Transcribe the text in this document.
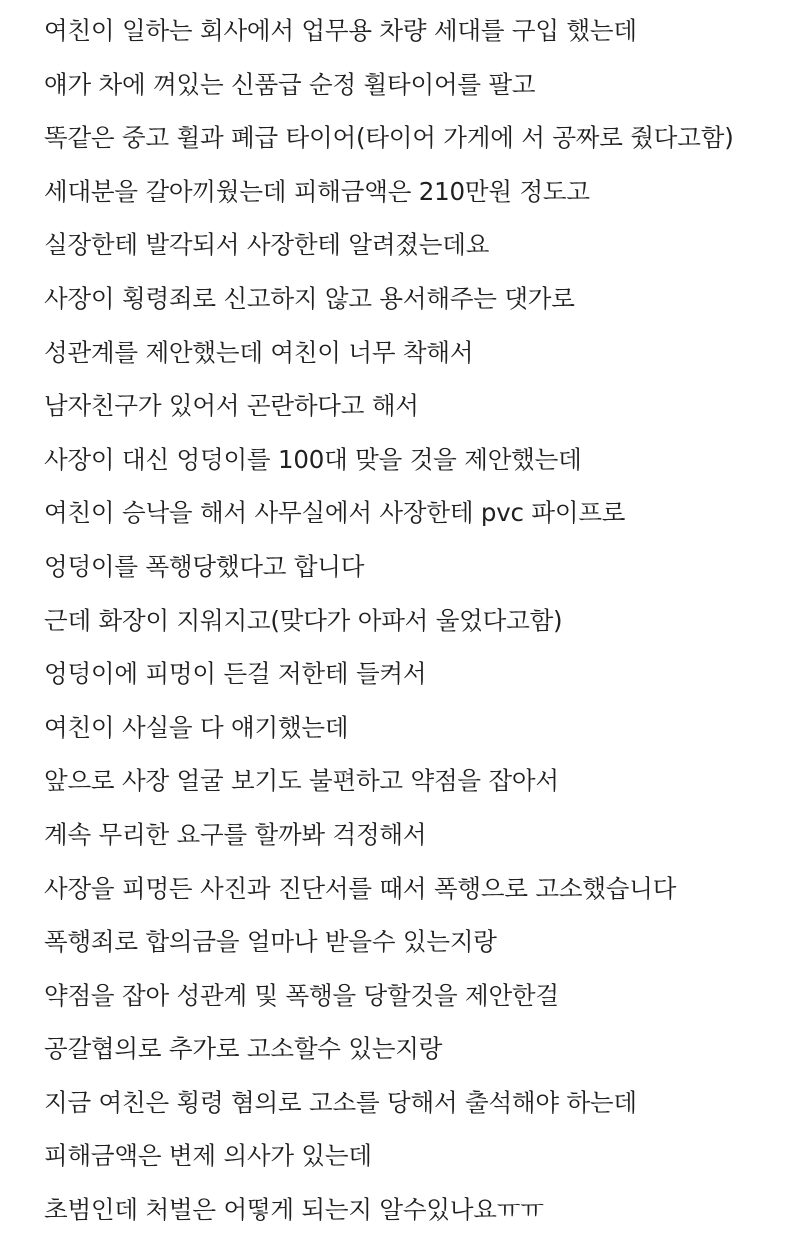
여친이 일하는 회사에서 업무용 차량 세대를 구입 했는데
얘가 차에 껴있는 신품급 순정 휠타이어를 팔고
똑같은 중고 휠과 폐급 타이어(타이어 가게에 서 공짜로 줬다고함)
세대분을 갈아끼웠는데 피해금액은 210만원 정도고
실장한테 발각되서 사장한테 알려졌는데요
사장이 횡령죄로 신고하지 않고 용서해주는 댓가로
성관계를 제안했는데 여친이 너무 착해서
남자친구가 있어서 곤란하다고 해서
사장이 대신 엉덩이를 100대 맞을 것을 제안했는데
여친이 승낙을 해서 사무실에서 사장한테 pvc 파이프로
엉덩이를 폭행당했다고 합니다
근데 화장이 지워지고(맞다가 아파서 울었다고함)
엉덩이에 피멍이 든걸 저한테 들켜서
여친이 사실을 다 얘기했는데
앞으로 사장 얼굴 보기도 불편하고 약점을 잡아서
계속 무리한 요구를 할까봐 걱정해서
사장을 피멍든 사진과 진단서를 때서 폭행으로 고소했습니다
폭행죄로 합의금을 얼마나 받을수 있는지랑
약점을 잡아 성관계 및 폭행을 당할것을 제안한걸
공갈협의로 추가로 고소할수 있는지랑
지금 여친은 횡령 혐의로 고소를 당해서 출석해야 하는데
피해금액은 변제 의사가 있는데
초범인데 처벌은 어떻게 되는지 알수있나요ㅠㅠ
